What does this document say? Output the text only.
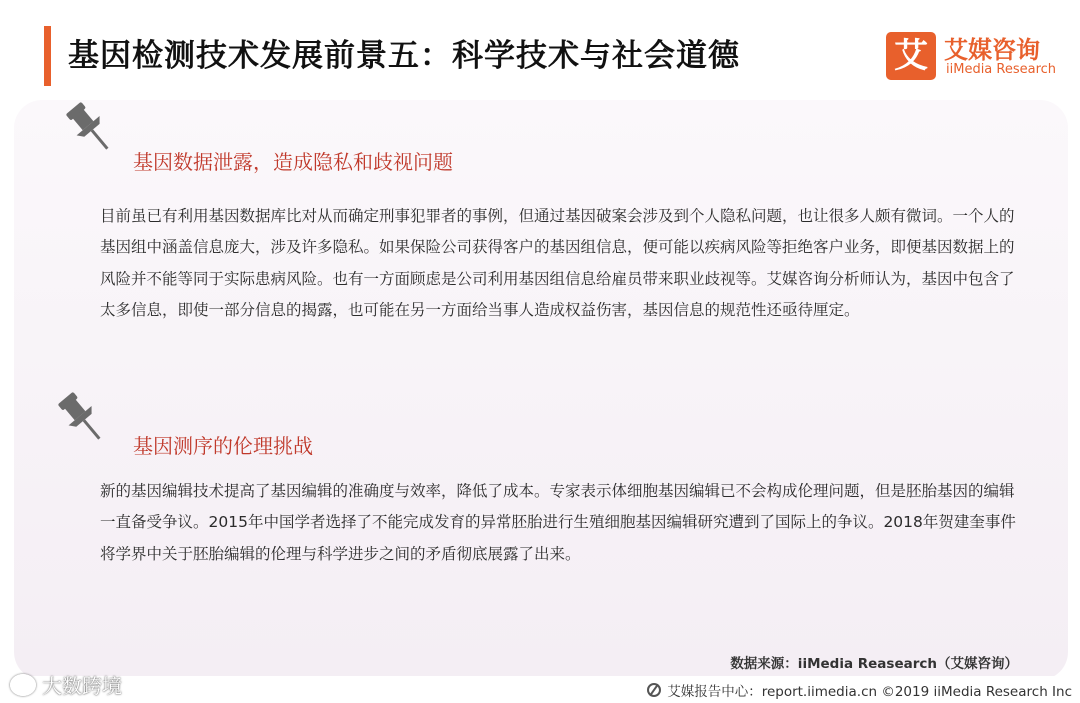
基因检测技术发展前景五：科学技术与社会道德	艾 艾媒咨询
iiMedia Research
基因数据泄露，造成隐私和歧视问题
目前虽已有利用基因数据库比对从而确定刑事犯罪者的事例，但通过基因破案会涉及到个人隐私问题，也让很多人颇有微词。一个人的基因组中涵盖信息庞大，涉及许多隐私。如果保险公司获得客户的基因组信息，便可能以疾病风险等拒绝客户业务，即便基因数据上的风险并不能等同于实际患病风险。也有一方面顾虑是公司利用基因组信息给雇员带来职业歧视等。艾媒咨询分析师认为，基因中包含了太多信息，即使一部分信息的揭露，也可能在另一方面给当事人造成权益伤害，基因信息的规范性还亟待厘定。
基因测序的伦理挑战
新的基因编辑技术提高了基因编辑的准确度与效率，降低了成本。专家表示体细胞基因编辑已不会构成伦理问题，但是胚胎基因的编辑一直备受争议。2015年中国学者选择了不能完成发育的异常胚胎进行生殖细胞基因编辑研究遭到了国际上的争议。2018年贺建奎事件将学界中关于胚胎编辑的伦理与科学进步之间的矛盾彻底展露了出来。
数据来源：iiMedia Reasearch（艾媒咨询）
艾媒报告中心：report.iimedia.cn ©2019 iiMedia Research Inc
大数跨境
